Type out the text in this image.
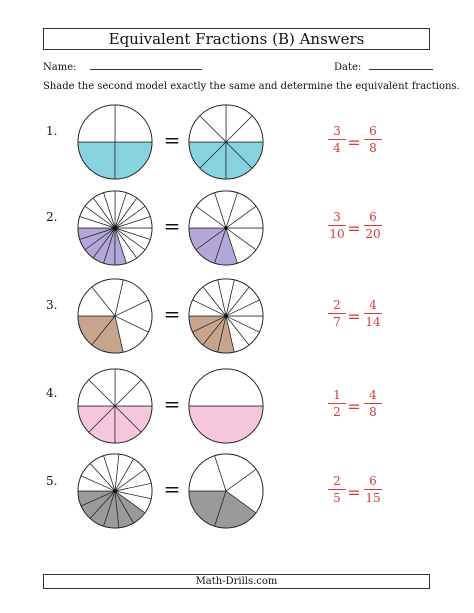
Equivalent Fractions (B) Answers
Name:	Date:
Shade the second model exactly the same and determine the equivalent fractions.
1.	=	$\frac{3}{4} = \frac{6}{8}$
2.	=	$\frac{3}{10} = \frac{6}{20}$
3.	=	$\frac{2}{7} = \frac{4}{14}$
4.	=	$\frac{1}{2} = \frac{4}{8}$
5.	=	$\frac{2}{5} = \frac{6}{15}$
Math-Drills.com
